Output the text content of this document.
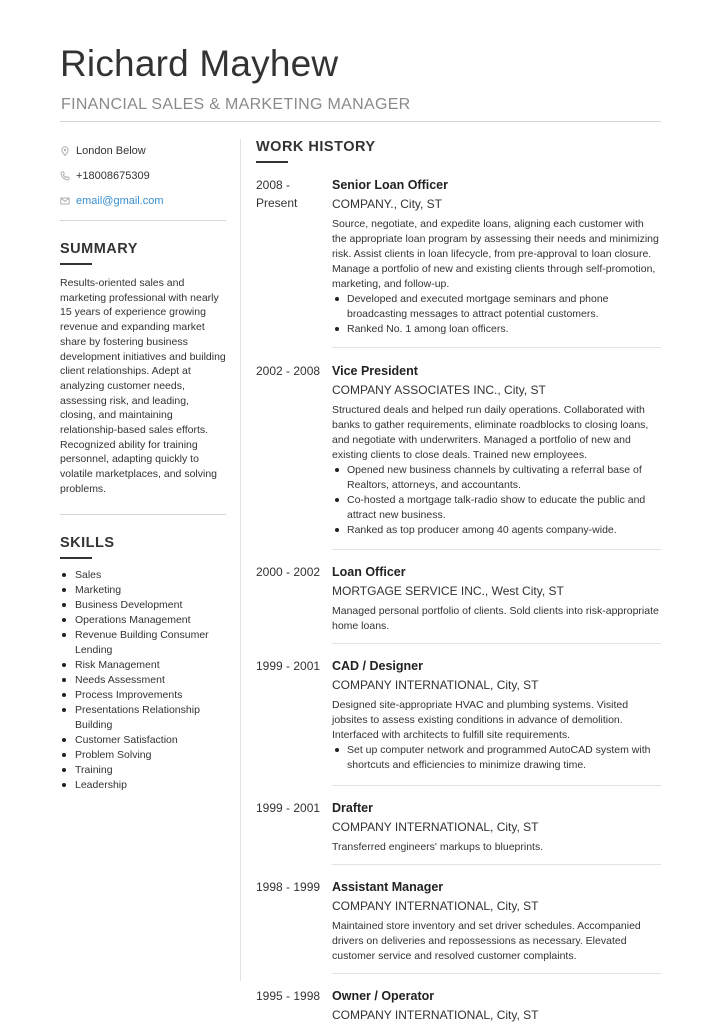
Richard Mayhew
FINANCIAL SALES & MARKETING MANAGER
London Below
+18008675309
email@gmail.com
SUMMARY

Results-oriented sales and marketing professional with nearly 15 years of experience growing revenue and expanding market share by fostering business development initiatives and building client relationships. Adept at analyzing customer needs, assessing risk, and leading, closing, and maintaining relationship-based sales efforts. Recognized ability for training personnel, adapting quickly to volatile marketplaces, and solving problems.

SKILLS
Sales
Marketing
Business Development
Operations Management
Revenue Building Consumer Lending
Risk Management
Needs Assessment
Process Improvements
Presentations Relationship Building
Customer Satisfaction
Problem Solving
Training
Leadership
WORK HISTORY
2008 - Present
Senior Loan Officer
COMPANY., City, ST

Source, negotiate, and expedite loans, aligning each customer with the appropriate loan program by assessing their needs and minimizing risk. Assist clients in loan lifecycle, from pre-approval to loan closure. Manage a portfolio of new and existing clients through self-promotion, marketing, and follow-up.

Developed and executed mortgage seminars and phone broadcasting messages to attract potential customers.
Ranked No. 1 among loan officers.
2002 - 2008 Vice President
COMPANY ASSOCIATES INC., City, ST

Structured deals and helped run daily operations. Collaborated with banks to gather requirements, eliminate roadblocks to closing loans, and negotiate with underwriters. Managed a portfolio of new and existing clients to close deals. Trained new employees.

Opened new business channels by cultivating a referral base of Realtors, attorneys, and accountants.
Co-hosted a mortgage talk-radio show to educate the public and attract new business.
Ranked as top producer among 40 agents company-wide.
2000 - 2002 Loan Officer
MORTGAGE SERVICE INC., West City, ST

Managed personal portfolio of clients. Sold clients into risk-appropriate home loans.

1999 - 2001 CAD / Designer
COMPANY INTERNATIONAL, City, ST

Designed site-appropriate HVAC and plumbing systems. Visited jobsites to assess existing conditions in advance of demolition. Interfaced with architects to fulfill site requirements.

Set up computer network and programmed AutoCAD system with shortcuts and efficiencies to minimize drawing time.
1999 - 2001 Drafter
COMPANY INTERNATIONAL, City, ST

Transferred engineers' markups to blueprints.

1998 - 1999 Assistant Manager
COMPANY INTERNATIONAL, City, ST

Maintained store inventory and set driver schedules. Accompanied drivers on deliveries and repossessions as necessary. Elevated customer service and resolved customer complaints.

1995 - 1998 Owner / Operator
COMPANY INTERNATIONAL, City, ST
